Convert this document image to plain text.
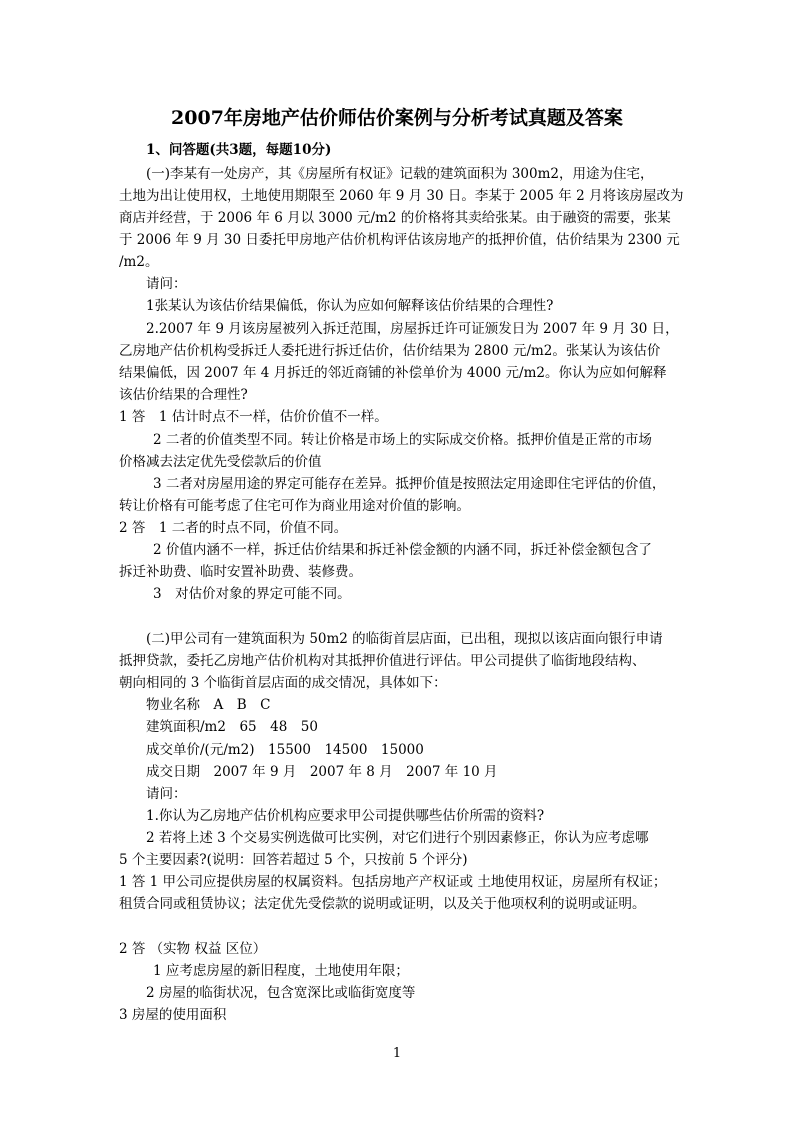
2007年房地产估价师估价案例与分析考试真题及答案
1、问答题(共3题，每题10分)
(一)李某有一处房产，其《房屋所有权证》记载的建筑面积为 300m2，用途为住宅，
土地为出让使用权，土地使用期限至 2060 年 9 月 30 日。李某于 2005 年 2 月将该房屋改为
商店并经营，于 2006 年 6 月以 3000 元/m2 的价格将其卖给张某。由于融资的需要，张某
于 2006 年 9 月 30 日委托甲房地产估价机构评估该房地产的抵押价值，估价结果为 2300 元
/m2。
请问：
1张某认为该估价结果偏低，你认为应如何解释该估价结果的合理性?
2.2007 年 9 月该房屋被列入拆迁范围，房屋拆迁许可证颁发日为 2007 年 9 月 30 日，
乙房地产估价机构受拆迁人委托进行拆迁估价，估价结果为 2800 元/m2。张某认为该估价
结果偏低，因 2007 年 4 月拆迁的邻近商铺的补偿单价为 4000 元/m2。你认为应如何解释
该估价结果的合理性?
1 答　1 估计时点不一样，估价价值不一样。
2 二者的价值类型不同。转让价格是市场上的实际成交价格。抵押价值是正常的市场
价格减去法定优先受偿款后的价值
3 二者对房屋用途的界定可能存在差异。抵押价值是按照法定用途即住宅评估的价值，
转让价格有可能考虑了住宅可作为商业用途对价值的影响。
2 答　1 二者的时点不同，价值不同。
2 价值内涵不一样，拆迁估价结果和拆迁补偿金额的内涵不同，拆迁补偿金额包含了
拆迁补助费、临时安置补助费、装修费。
3　对估价对象的界定可能不同。
(二)甲公司有一建筑面积为 50m2 的临街首层店面，已出租，现拟以该店面向银行申请
抵押贷款，委托乙房地产估价机构对其抵押价值进行评估。甲公司提供了临街地段结构、
朝向相同的 3 个临街首层店面的成交情况，具体如下：
物业名称　A　B　C
建筑面积/m2　65　48　50
成交单价/(元/m2)　15500　14500　15000
成交日期　2007 年 9 月　2007 年 8 月　2007 年 10 月
请问：
1.你认为乙房地产估价机构应要求甲公司提供哪些估价所需的资料?
2 若将上述 3 个交易实例选做可比实例，对它们进行个别因素修正，你认为应考虑哪
5 个主要因素?(说明：回答若超过 5 个，只按前 5 个评分)
1 答 1 甲公司应提供房屋的权属资料。包括房地产产权证或 土地使用权证，房屋所有权证；
租赁合同或租赁协议；法定优先受偿款的说明或证明，以及关于他项权利的说明或证明。
2 答 （实物 权益 区位）
1 应考虑房屋的新旧程度，土地使用年限；
2 房屋的临街状况，包含宽深比或临街宽度等
3 房屋的使用面积
1
